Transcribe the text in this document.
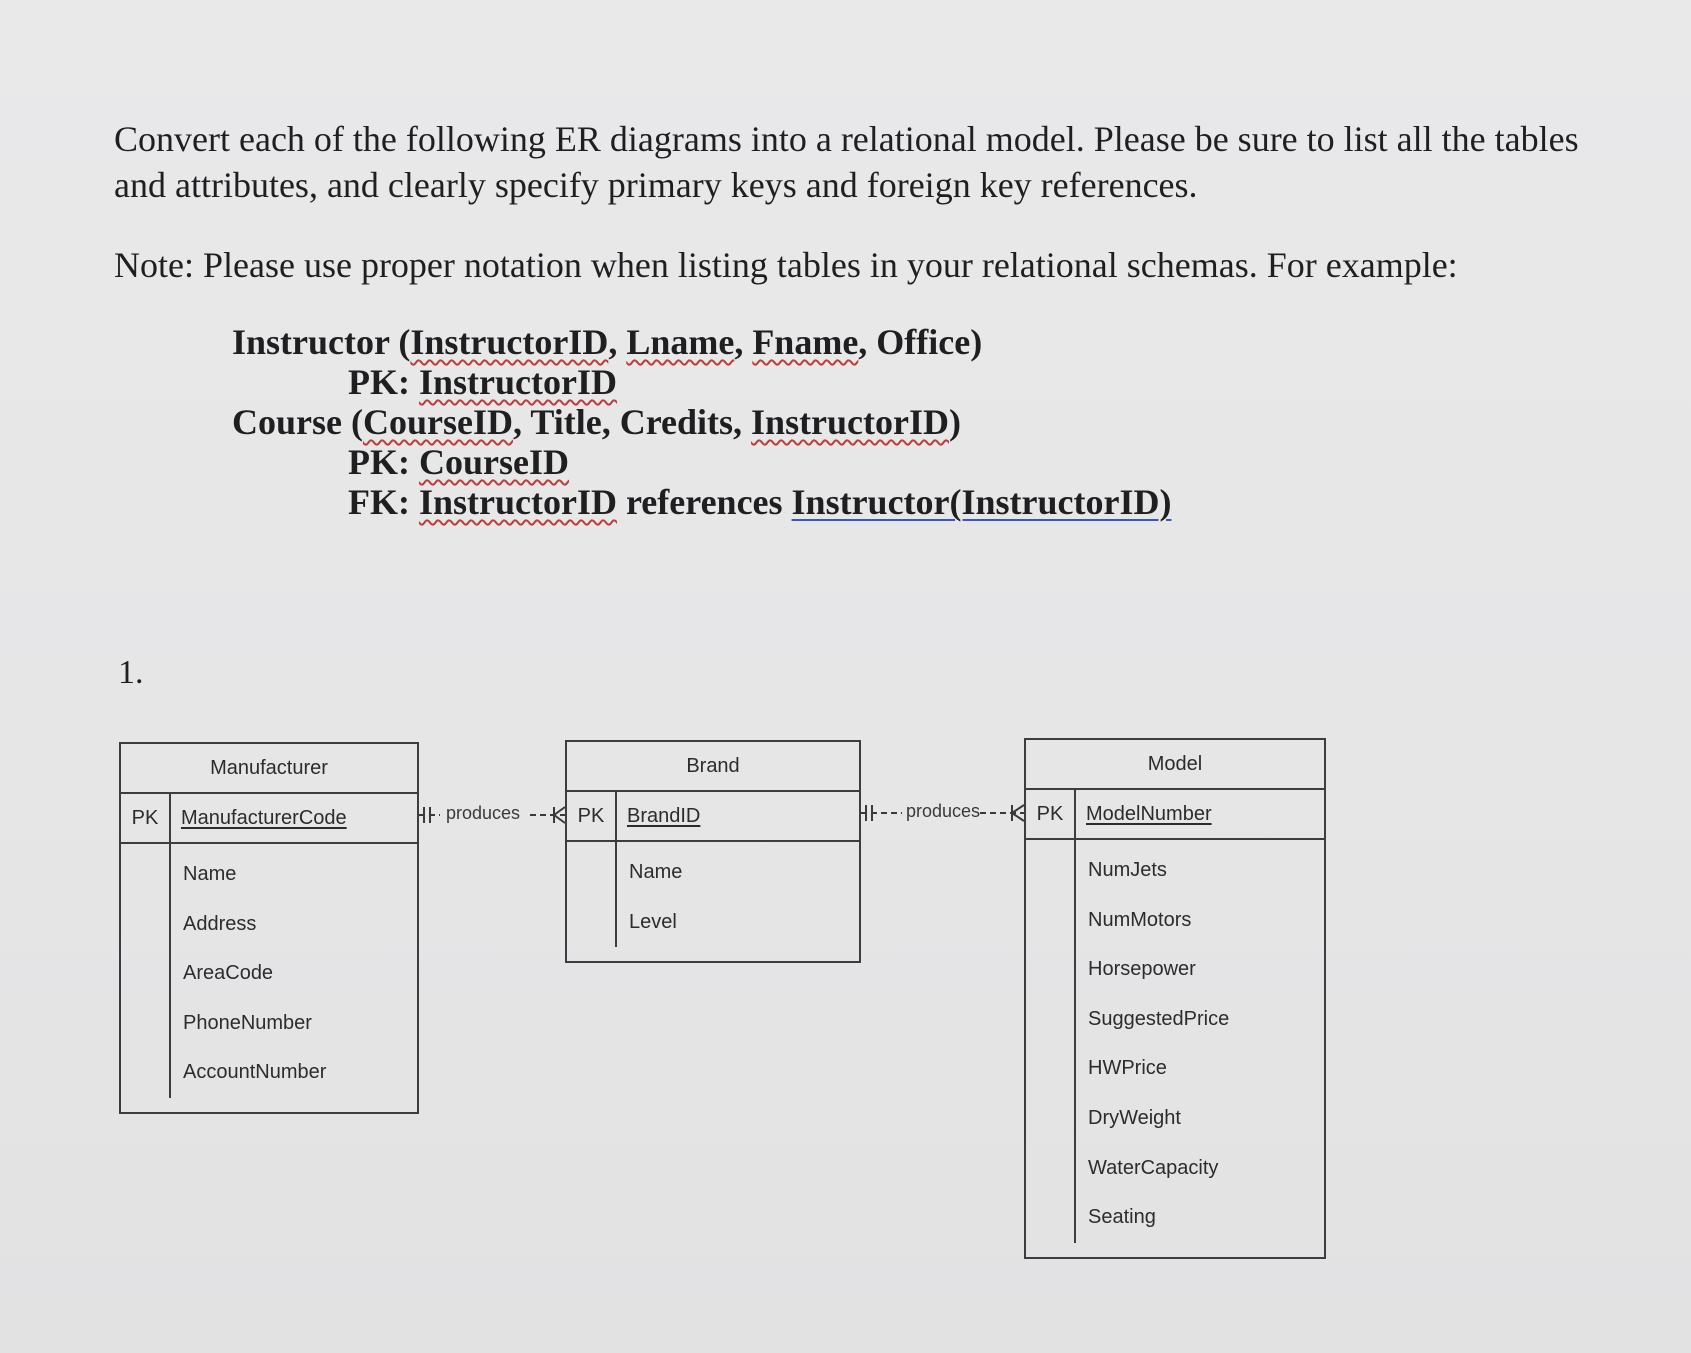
Convert each of the following ER diagrams into a relational model. Please be sure to list all the tables and attributes, and clearly specify primary keys and foreign key references.

Note: Please use proper notation when listing tables in your relational schemas. For example:

Instructor (InstructorID, Lname, Fname, Office)
PK: InstructorID
Course (CourseID, Title, Credits, InstructorID)
PK: CourseID
FK: InstructorID references Instructor(InstructorID)
1.
Manufacturer
PK	ManufacturerCode
Name
Address
AreaCode
PhoneNumber
AccountNumber
Brand
PK	BrandID
Name
Level
Model
PK	ModelNumber
NumJets
NumMotors
Horsepower
SuggestedPrice
HWPrice
DryWeight
WaterCapacity
Seating
produces	produces
